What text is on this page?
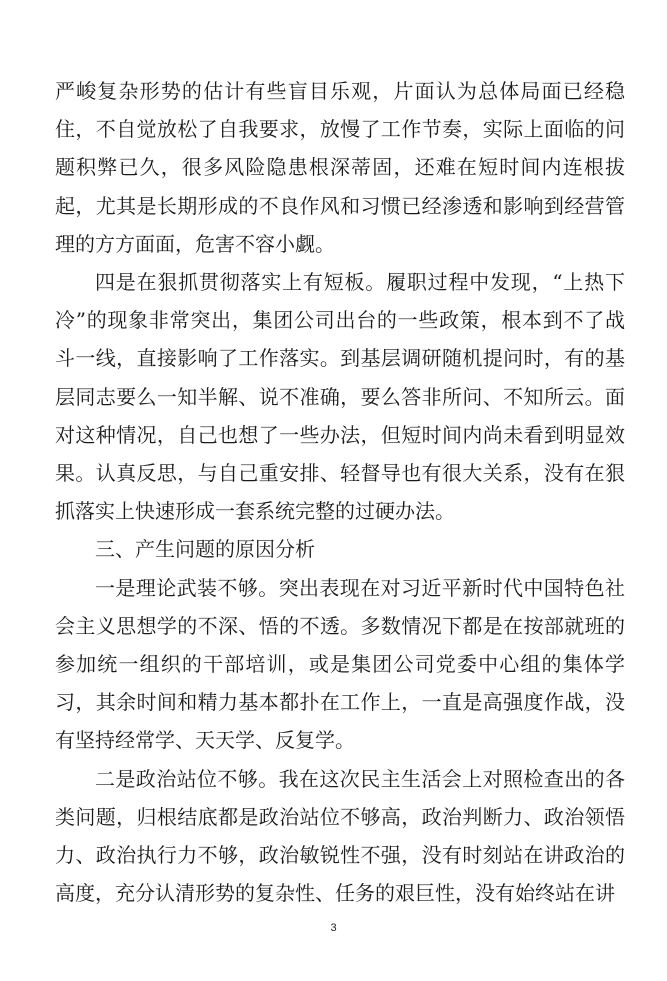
严峻复杂形势的估计有些盲目乐观，片面认为总体局面已经稳住，不自觉放松了自我要求，放慢了工作节奏，实际上面临的问题积弊已久，很多风险隐患根深蒂固，还难在短时间内连根拔起，尤其是长期形成的不良作风和习惯已经渗透和影响到经营管理的方方面面，危害不容小觑。

四是在狠抓贯彻落实上有短板。履职过程中发现，“上热下冷”的现象非常突出，集团公司出台的一些政策，根本到不了战斗一线，直接影响了工作落实。到基层调研随机提问时，有的基层同志要么一知半解、说不准确，要么答非所问、不知所云。面对这种情况，自己也想了一些办法，但短时间内尚未看到明显效果。认真反思，与自己重安排、轻督导也有很大关系，没有在狠抓落实上快速形成一套系统完整的过硬办法。

三、产生问题的原因分析

一是理论武装不够。突出表现在对习近平新时代中国特色社会主义思想学的不深、悟的不透。多数情况下都是在按部就班的参加统一组织的干部培训，或是集团公司党委中心组的集体学习，其余时间和精力基本都扑在工作上，一直是高强度作战，没有坚持经常学、天天学、反复学。

二是政治站位不够。我在这次民主生活会上对照检查出的各类问题，归根结底都是政治站位不够高，政治判断力、政治领悟力、政治执行力不够，政治敏锐性不强，没有时刻站在讲政治的高度，充分认清形势的复杂性、任务的艰巨性，没有始终站在讲

3
